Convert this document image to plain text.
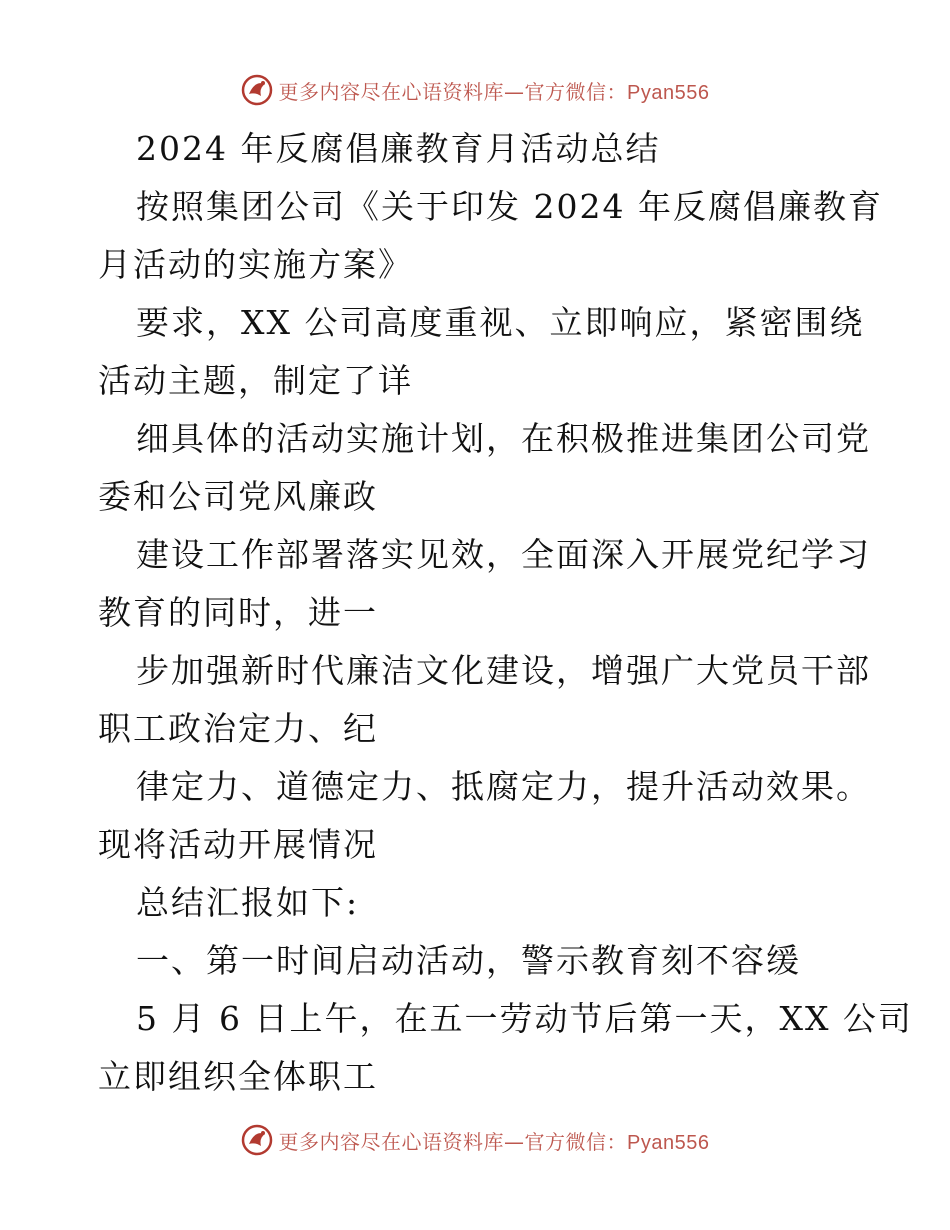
更多内容尽在心语资料库—官方微信：Pyan556

2024 年反腐倡廉教育月活动总结

按照集团公司《关于印发 2024 年反腐倡廉教育

月活动的实施方案》

要求，XX 公司高度重视、立即响应，紧密围绕

活动主题，制定了详

细具体的活动实施计划，在积极推进集团公司党

委和公司党风廉政

建设工作部署落实见效，全面深入开展党纪学习

教育的同时，进一

步加强新时代廉洁文化建设，增强广大党员干部

职工政治定力、纪

律定力、道德定力、抵腐定力，提升活动效果。

现将活动开展情况

总结汇报如下:

一、第一时间启动活动，警示教育刻不容缓

5 月 6 日上午，在五一劳动节后第一天，XX 公司

立即组织全体职工

更多内容尽在心语资料库—官方微信：Pyan556
